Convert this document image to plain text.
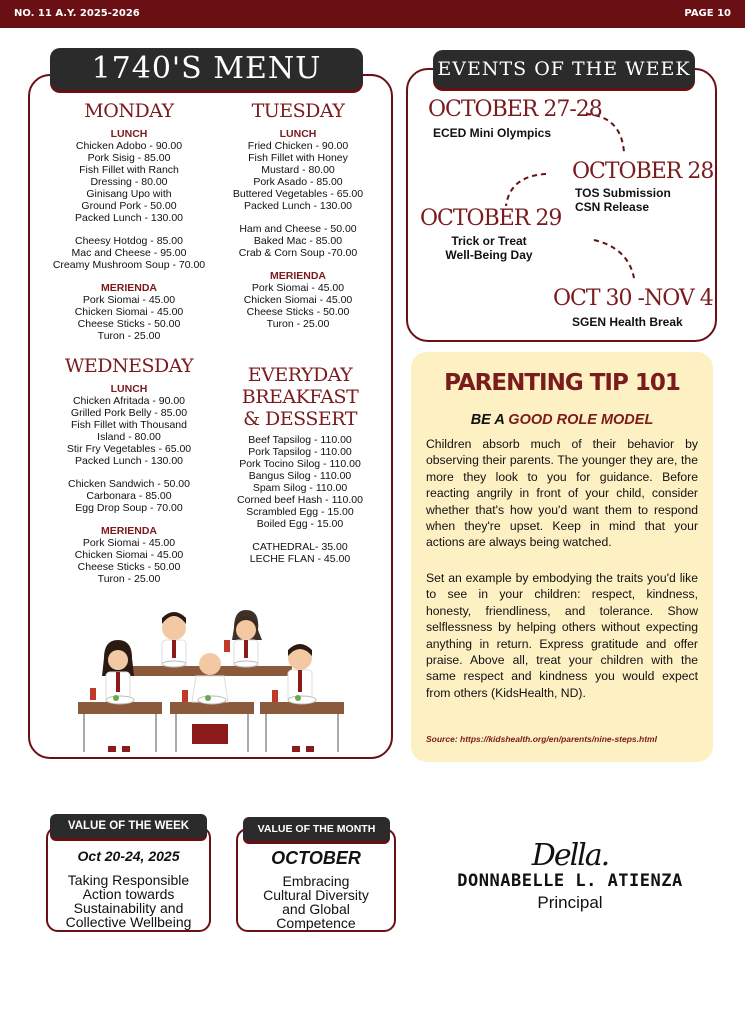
NO. 11 A.Y. 2025-2026	PAGE 10
1740'S MENU
MONDAY
LUNCH
Chicken Adobo - 90.00
Pork Sisig - 85.00
Fish Fillet with Ranch
Dressing - 80.00
Ginisang Upo with
Ground Pork - 50.00
Packed Lunch - 130.00
Cheesy Hotdog - 85.00
Mac and Cheese - 95.00
Creamy Mushroom Soup - 70.00
MERIENDA
Pork Siomai - 45.00
Chicken Siomai - 45.00
Cheese Sticks - 50.00
Turon - 25.00
TUESDAY
LUNCH
Fried Chicken - 90.00
Fish Fillet with Honey
Mustard - 80.00
Pork Asado - 85.00
Buttered Vegetables - 65.00
Packed Lunch - 130.00
Ham and Cheese - 50.00
Baked Mac - 85.00
Crab & Corn Soup -70.00
MERIENDA
Pork Siomai - 45.00
Chicken Siomai - 45.00
Cheese Sticks - 50.00
Turon - 25.00
WEDNESDAY
LUNCH
Chicken Afritada - 90.00
Grilled Pork Belly - 85.00
Fish Fillet with Thousand
Island - 80.00
Stir Fry Vegetables - 65.00
Packed Lunch - 130.00
Chicken Sandwich - 50.00
Carbonara - 85.00
Egg Drop Soup - 70.00
MERIENDA
Pork Siomai - 45.00
Chicken Siomai - 45.00
Cheese Sticks - 50.00
Turon - 25.00
EVERYDAY
BREAKFAST
& DESSERT
Beef Tapsilog - 110.00
Pork Tapsilog - 110.00
Pork Tocino Silog - 110.00
Bangus Silog - 110.00
Spam Silog - 110.00
Corned beef Hash - 110.00
Scrambled Egg - 15.00
Boiled Egg - 15.00
CATHEDRAL- 35.00
LECHE FLAN - 45.00
EVENTS OF THE WEEK
OCTOBER 27-28
ECED Mini Olympics
OCTOBER 28
TOS Submission
CSN Release
OCTOBER 29
Trick or Treat
Well-Being Day
OCT 30 -NOV 4
SGEN Health Break
PARENTING TIP 101
BE A GOOD ROLE MODEL

Children absorb much of their behavior by observing their parents. The younger they are, the more they look to you for guidance. Before reacting angrily in front of your child, consider whether that's how you'd want them to respond when they're upset. Keep in mind that your actions are always being watched.

Set an example by embodying the traits you'd like to see in your children: respect, kindness, honesty, friendliness, and tolerance. Show selflessness by helping others without expecting anything in return. Express gratitude and offer praise. Above all, treat your children with the same respect and kindness you would expect from others (KidsHealth, ND).

Source: https://kidshealth.org/en/parents/nine-steps.html
Oct 20-24, 2025
Taking Responsible
Action towards
Sustainability and
Collective Wellbeing
VALUE OF THE WEEK
OCTOBER
Embracing
Cultural Diversity
and Global
Competence
VALUE OF THE MONTH
Della.
DONNABELLE L. ATIENZA
Principal
